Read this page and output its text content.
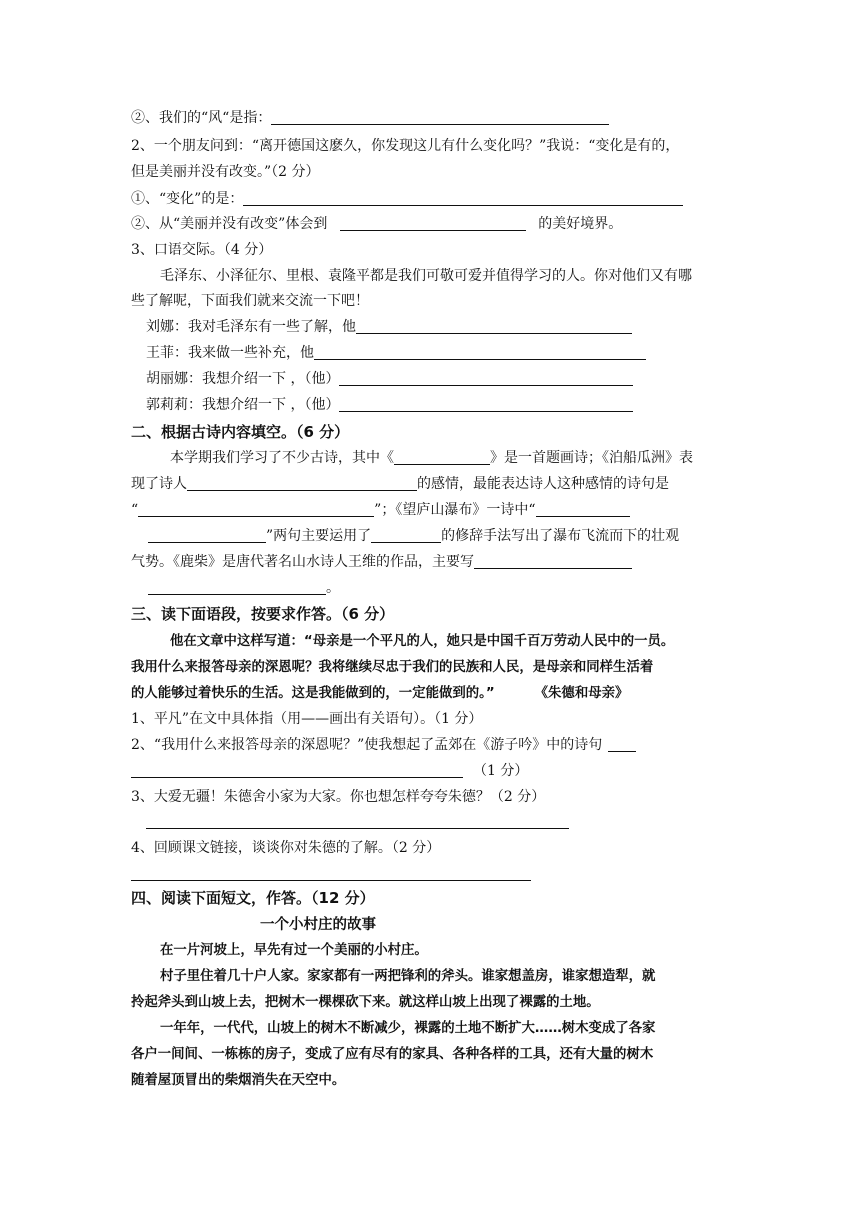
②、我们的“风“是指：
2、一个朋友问到：“离开德国这麽久，你发现这儿有什么变化吗？”我说：“变化是有的，
但是美丽并没有改变。”（2 分）
①、“变化”的是：
②、从“美丽并没有改变”体会到	的美好境界。
3、口语交际。（4 分）
毛泽东、小泽征尔、里根、袁隆平都是我们可敬可爱并值得学习的人。你对他们又有哪
些了解呢，下面我们就来交流一下吧！
刘娜：我对毛泽东有一些了解，他
王菲：我来做一些补充，他
胡丽娜：我想介绍一下 ，（他）
郭莉莉：我想介绍一下 ，（他）
二、根据古诗内容填空。（6 分）
本学期我们学习了不少古诗，其中《	》是一首题画诗；《泊船瓜洲》表
现了诗人	的感情，最能表达诗人这种感情的诗句是
“	”；《望庐山瀑布》一诗中“
”两句主要运用了	的修辞手法写出了瀑布飞流而下的壮观
气势。《鹿柴》是唐代著名山水诗人王维的作品，主要写
。
三、读下面语段，按要求作答。（6 分）
他在文章中这样写道：“母亲是一个平凡的人，她只是中国千百万劳动人民中的一员。
我用什么来报答母亲的深恩呢？我将继续尽忠于我们的民族和人民，是母亲和同样生活着
的人能够过着快乐的生活。这是我能做到的，一定能做到的。”	《朱德和母亲》
1、平凡”在文中具体指（用——画出有关语句）。（1 分）
2、“我用什么来报答母亲的深恩呢？”使我想起了孟郊在《游子吟》中的诗句
（1 分）
3、大爱无疆！朱德舍小家为大家。你也想怎样夸夸朱德？（2 分）
4、回顾课文链接，谈谈你对朱德的了解。（2 分）
四、阅读下面短文，作答。（12 分）
一个小村庄的故事
在一片河坡上，早先有过一个美丽的小村庄。
村子里住着几十户人家。家家都有一两把锋利的斧头。谁家想盖房，谁家想造犁，就
拎起斧头到山坡上去，把树木一棵棵砍下来。就这样山坡上出现了裸露的土地。
一年年，一代代，山坡上的树木不断减少，裸露的土地不断扩大……树木变成了各家
各户一间间、一栋栋的房子，变成了应有尽有的家具、各种各样的工具，还有大量的树木
随着屋顶冒出的柴烟消失在天空中。
